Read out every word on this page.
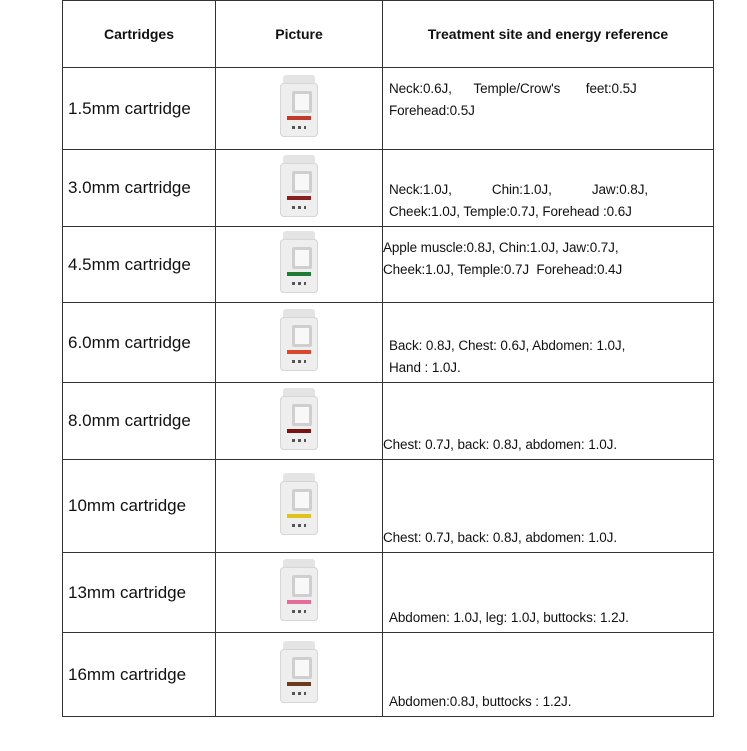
Cartridges	Picture	Treatment site and energy reference
1.5mm cartridge		Neck:0.6J,      Temple/Crow's       feet:0.5J
Forehead:0.5J

3.0mm cartridge		Neck:1.0J,           Chin:1.0J,           Jaw:0.8J,
Cheek:1.0J, Temple:0.7J, Forehead :0.6J

4.5mm cartridge		Apple muscle:0.8J, Chin:1.0J, Jaw:0.7J,
Cheek:1.0J, Temple:0.7J  Forehead:0.4J

6.0mm cartridge		Back: 0.8J, Chest: 0.6J, Abdomen: 1.0J,
Hand : 1.0J.

8.0mm cartridge		Chest: 0.7J, back: 0.8J, abdomen: 1.0J.

10mm cartridge		Chest: 0.7J, back: 0.8J, abdomen: 1.0J.

13mm cartridge		Abdomen: 1.0J, leg: 1.0J, buttocks: 1.2J.

16mm cartridge		Abdomen:0.8J, buttocks : 1.2J.
